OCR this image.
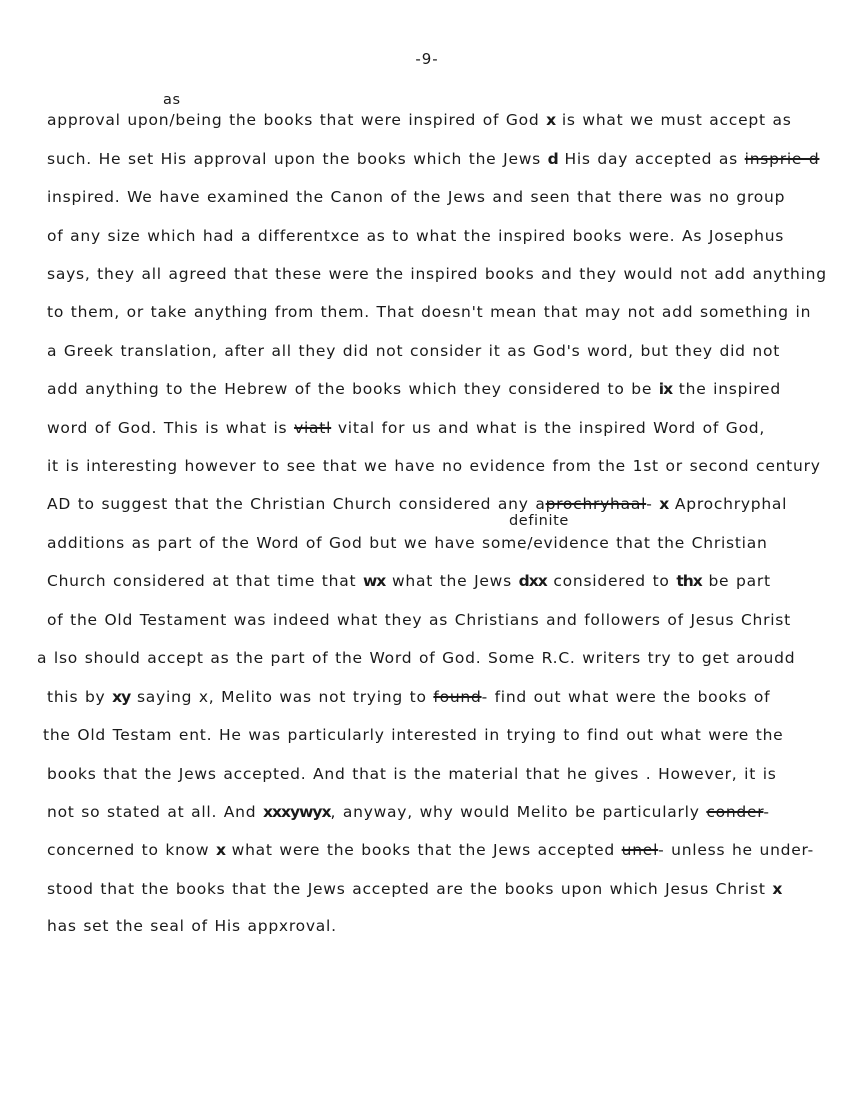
-9-
as
definite
approval upon/being the books that were inspired of God x is what we must accept as
such. He set His approval upon the books which the Jews d His day accepted as insprie d
inspired. We have examined the Canon of the Jews and seen that there was no group
of any size which had a differentxce as to what the inspired books were. As Josephus
says, they all agreed that these were the inspired books and they would not add anything
to them, or take anything from them. That doesn't mean that may not add something in
a Greek translation, after all they did not consider it as God's word, but they did not
add anything to the Hebrew of the books which they considered to be ix the inspired
word of God. This is what is viatl vital for us and what is the inspired Word of God,
it is interesting however to see that we have no evidence from the 1st or second century
AD to suggest that the Christian Church considered any aprochryhaal- x Aprochryphal
additions as part of the Word of God but we have some/evidence that the Christian
Church considered at that time that wx what the Jews dxx considered to thx be part
of the Old Testament was indeed what they as Christians and followers of Jesus Christ
a lso should accept as the part of the Word of God. Some R.C. writers try to get aroudd
this by xy saying x, Melito was not trying to found- find out what were the books of
the Old Testam ent. He was particularly interested in trying to find out what were the
books that the Jews accepted. And that is the material that he gives . However, it is
not so stated at all. And xxxywyx, anyway, why would Melito be particularly conder-
concerned to know x what were the books that the Jews accepted unel- unless he under-
stood that the books that the Jews accepted are the books upon which Jesus Christ x
has set the seal of His appxroval.
